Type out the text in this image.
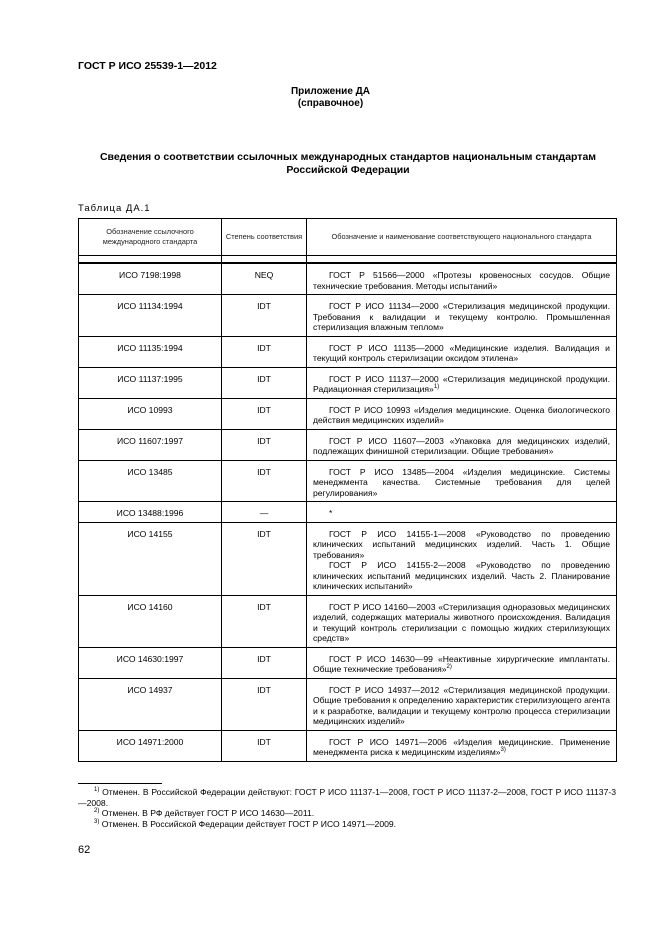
ГОСТ Р ИСО 25539-1—2012
Приложение ДА
(справочное)
Сведения о соответствии ссылочных международных стандартов национальным стандартам Российской Федерации
Таблица ДА.1
Обозначение ссылочного международного стандарта	Степень соответствия	Обозначение и наименование соответствующего национального стандарта

ИСО 7198:1998	NEQ	ГОСТ Р 51566—2000 «Протезы кровеносных сосудов. Общие технические требования. Методы испытаний»

ИСО 11134:1994	IDT	ГОСТ Р ИСО 11134—2000 «Стерилизация медицинской продукции. Требования к валидации и текущему контролю. Промышленная стерилизация влажным теплом»

ИСО 11135:1994	IDT	ГОСТ Р ИСО 11135—2000 «Медицинские изделия. Валидация и текущий контроль стерилизации оксидом этилена»

ИСО 11137:1995	IDT	ГОСТ Р ИСО 11137—2000 «Стерилизация медицинской продукции. Радиационная стерилизация»$^{1)}$

ИСО 10993	IDT	ГОСТ Р ИСО 10993 «Изделия медицинские. Оценка биологического действия медицинских изделий»

ИСО 11607:1997	IDT	ГОСТ Р ИСО 11607—2003 «Упаковка для медицинских изделий, подлежащих финишной стерилизации. Общие требования»

ИСО 13485	IDT	ГОСТ Р ИСО 13485—2004 «Изделия медицинские. Системы менеджмента качества. Системные требования для целей регулирования»

ИСО 13488:1996	—	*

ИСО 14155	IDT	ГОСТ Р ИСО 14155-1—2008 «Руководство по проведению клинических испытаний медицинских изделий. Часть 1. Общие требования»
ГОСТ Р ИСО 14155-2—2008 «Руководство по проведению клинических испытаний медицинских изделий. Часть 2. Планирование клинических испытаний»

ИСО 14160	IDT	ГОСТ Р ИСО 14160—2003 «Стерилизация одноразовых медицинских изделий, содержащих материалы животного происхождения. Валидация и текущий контроль стерилизации с помощью жидких стерилизующих средств»

ИСО 14630:1997	IDT	ГОСТ Р ИСО 14630—99 «Неактивные хирургические имплантаты. Общие технические требования»$^{2)}$

ИСО 14937	IDT	ГОСТ Р ИСО 14937—2012 «Стерилизация медицинской продукции. Общие требования к определению характеристик стерилизующего агента и к разработке, валидации и текущему контролю процесса стерилизации медицинских изделий»

ИСО 14971:2000	IDT	ГОСТ Р ИСО 14971—2006 «Изделия медицинские. Применение менеджмента риска к медицинским изделиям»$^{3)}$
$^{1)}$ Отменен. В Российской Федерации действуют: ГОСТ Р ИСО 11137-1—2008, ГОСТ Р ИСО 11137-2—2008, ГОСТ Р ИСО 11137-3—2008.
$^{2)}$ Отменен. В РФ действует ГОСТ Р ИСО 14630—2011.
$^{3)}$ Отменен. В Российской Федерации действует ГОСТ Р ИСО 14971—2009.
62
